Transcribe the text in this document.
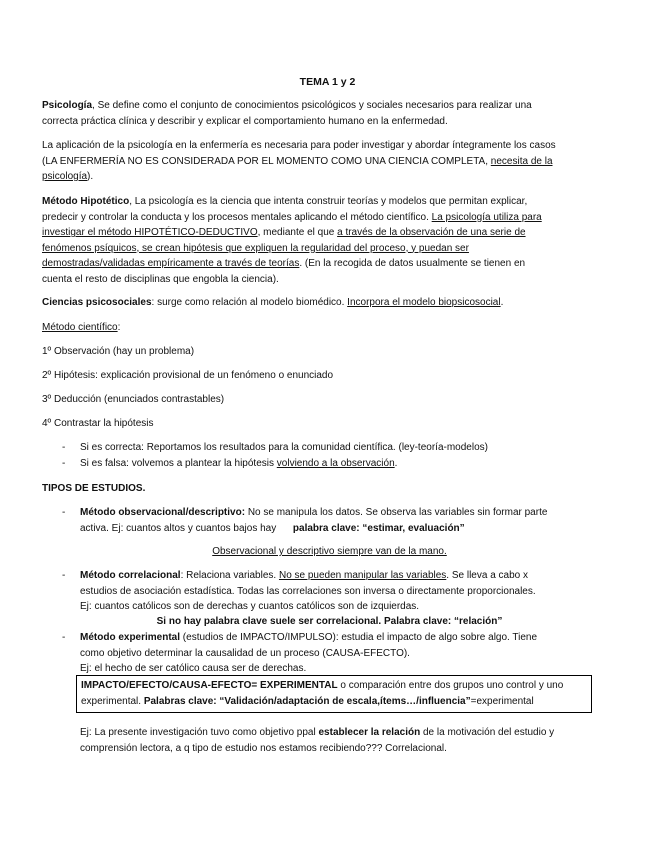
TEMA 1 y 2
Psicología, Se define como el conjunto de conocimientos psicológicos y sociales necesarios para realizar una
correcta práctica clínica y describir y explicar el comportamiento humano en la enfermedad.
La aplicación de la psicología en la enfermería es necesaria para poder investigar y abordar íntegramente los casos
(LA ENFERMERÍA NO ES CONSIDERADA POR EL MOMENTO COMO UNA CIENCIA COMPLETA, necesita de la
psicología).
Método Hipotético, La psicología es la ciencia que intenta construir teorías y modelos que permitan explicar,
predecir y controlar la conducta y los procesos mentales aplicando el método científico. La psicología utiliza para
investigar el método HIPOTÉTICO-DEDUCTIVO, mediante el que a través de la observación de una serie de
fenómenos psíquicos, se crean hipótesis que expliquen la regularidad del proceso, y puedan ser
demostradas/validadas empíricamente a través de teorías. (En la recogida de datos usualmente se tienen en
cuenta el resto de disciplinas que engobla la ciencia).
Ciencias psicosociales: surge como relación al modelo biomédico. Incorpora el modelo biopsicosocial.
Método científico:
1º Observación (hay un problema)
2º Hipótesis: explicación provisional de un fenómeno o enunciado
3º Deducción (enunciados contrastables)
4º Contrastar la hipótesis
- Si es correcta: Reportamos los resultados para la comunidad científica. (ley-teoría-modelos)
- Si es falsa: volvemos a plantear la hipótesis volviendo a la observación.
TIPOS DE ESTUDIOS.
- Método observacional/descriptivo: No se manipula los datos. Se observa las variables sin formar parte
activa. Ej: cuantos altos y cuantos bajos hay palabra clave: “estimar, evaluación”
Observacional y descriptivo siempre van de la mano.
- Método correlacional: Relaciona variables. No se pueden manipular las variables. Se lleva a cabo x
estudios de asociación estadística. Todas las correlaciones son inversa o directamente proporcionales.
Ej: cuantos católicos son de derechas y cuantos católicos son de izquierdas.
Si no hay palabra clave suele ser correlacional. Palabra clave: “relación”
- Método experimental (estudios de IMPACTO/IMPULSO): estudia el impacto de algo sobre algo. Tiene
como objetivo determinar la causalidad de un proceso (CAUSA-EFECTO).
Ej: el hecho de ser católico causa ser de derechas.
IMPACTO/EFECTO/CAUSA-EFECTO= EXPERIMENTAL o comparación entre dos grupos uno control y uno
experimental. Palabras clave: “Validación/adaptación de escala,ítems…/influencia”=experimental
Ej: La presente investigación tuvo como objetivo ppal establecer la relación de la motivación del estudio y
comprensión lectora, a q tipo de estudio nos estamos recibiendo??? Correlacional.
